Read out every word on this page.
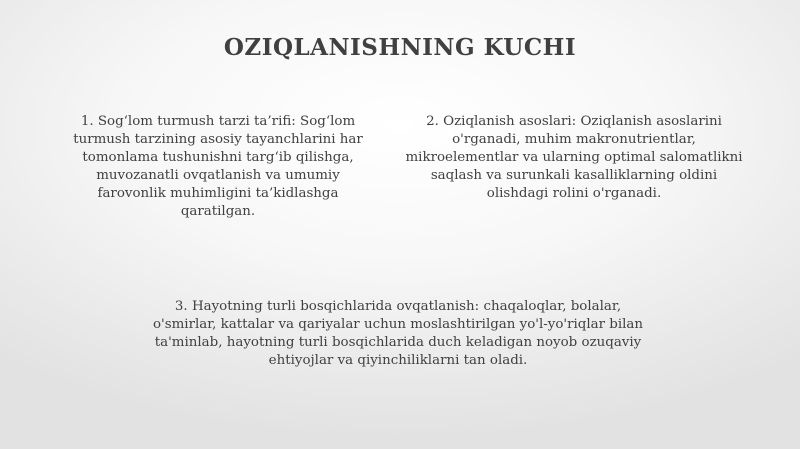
OZIQLANISHNING KUCHI
1. Sog‘lom turmush tarzi ta’rifi: Sog‘lom turmush tarzining asosiy tayanchlarini har tomonlama tushunishni targ‘ib qilishga, muvozanatli ovqatlanish va umumiy farovonlik muhimligini ta’kidlashga qaratilgan.
2. Oziqlanish asoslari: Oziqlanish asoslarini o'rganadi, muhim makronutrientlar, mikroelementlar va ularning optimal salomatlikni saqlash va surunkali kasalliklarning oldini olishdagi rolini o'rganadi.
3. Hayotning turli bosqichlarida ovqatlanish: chaqaloqlar, bolalar, o'smirlar, kattalar va qariyalar uchun moslashtirilgan yo'l-yo'riqlar bilan ta'minlab, hayotning turli bosqichlarida duch keladigan noyob ozuqaviy ehtiyojlar va qiyinchiliklarni tan oladi.
